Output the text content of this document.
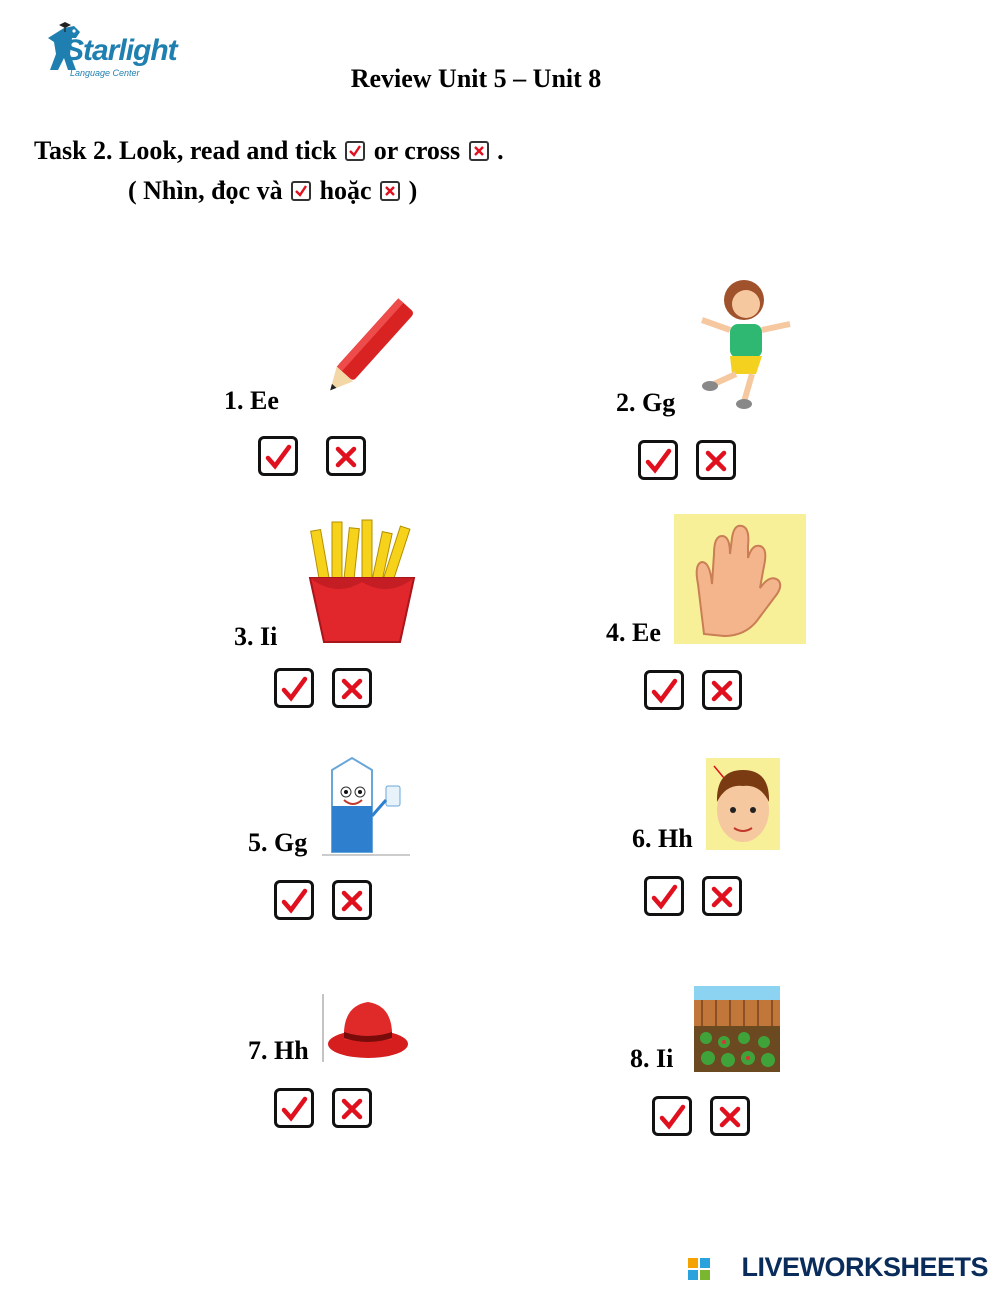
Starlight
Language Center	Review Unit 5 – Unit 8
Task 2. Look, read and tick or cross ☒ .
( Nhìn, đọc và hoặc ☒ )
1. Ee	2. Gg
3. Ii	4. Ee
5. Gg	6. Hh
7. Hh	8. Ii
LIVEWORKSHEETS
